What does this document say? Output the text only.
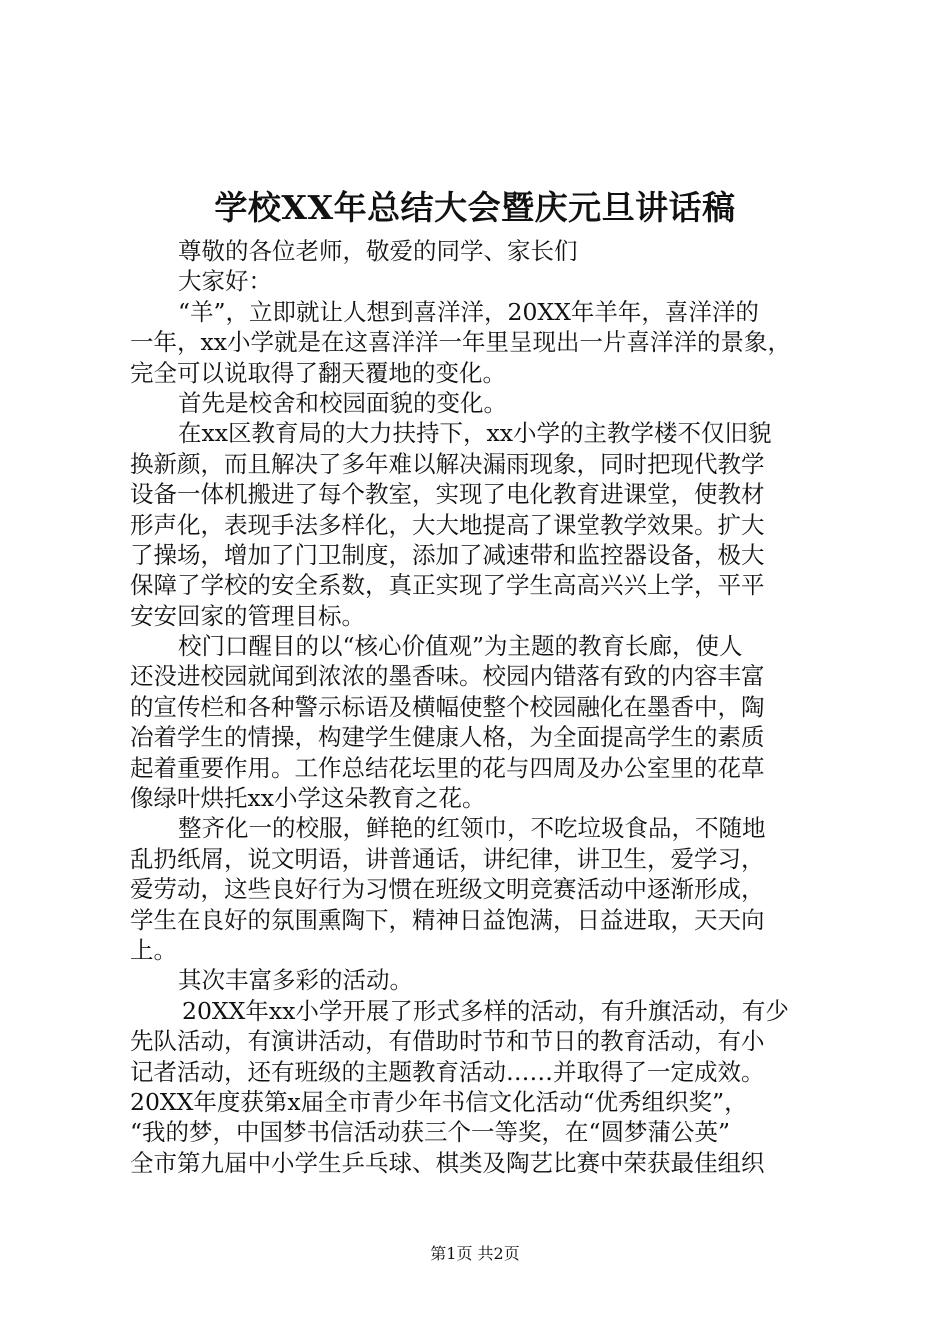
学校XX年总结大会暨庆元旦讲话稿
尊敬的各位老师，敬爱的同学、家长们
大家好：
“羊”，立即就让人想到喜洋洋，20XX年羊年，喜洋洋的
一年，xx小学就是在这喜洋洋一年里呈现出一片喜洋洋的景象，
完全可以说取得了翻天覆地的变化。
首先是校舍和校园面貌的变化。
在xx区教育局的大力扶持下，xx小学的主教学楼不仅旧貌
换新颜，而且解决了多年难以解决漏雨现象，同时把现代教学
设备一体机搬进了每个教室，实现了电化教育进课堂，使教材
形声化，表现手法多样化，大大地提高了课堂教学效果。扩大
了操场，增加了门卫制度，添加了减速带和监控器设备，极大
保障了学校的安全系数，真正实现了学生高高兴兴上学，平平
安安回家的管理目标。
校门口醒目的以“核心价值观”为主题的教育长廊，使人
还没进校园就闻到浓浓的墨香味。校园内错落有致的内容丰富
的宣传栏和各种警示标语及横幅使整个校园融化在墨香中，陶
冶着学生的情操，构建学生健康人格，为全面提高学生的素质
起着重要作用。工作总结花坛里的花与四周及办公室里的花草
像绿叶烘托xx小学这朵教育之花。
整齐化一的校服，鲜艳的红领巾，不吃垃圾食品，不随地
乱扔纸屑，说文明语，讲普通话，讲纪律，讲卫生，爱学习，
爱劳动，这些良好行为习惯在班级文明竞赛活动中逐渐形成，
学生在良好的氛围熏陶下，精神日益饱满，日益进取，天天向
上。
其次丰富多彩的活动。
20XX年xx小学开展了形式多样的活动，有升旗活动，有少
先队活动，有演讲活动，有借助时节和节日的教育活动，有小
记者活动，还有班级的主题教育活动……并取得了一定成效。
20XX年度获第x届全市青少年书信文化活动“优秀组织奖”，
“我的梦，中国梦书信活动获三个一等奖，在“圆梦蒲公英”
全市第九届中小学生乒乓球、棋类及陶艺比赛中荣获最佳组织
第1页 共2页
